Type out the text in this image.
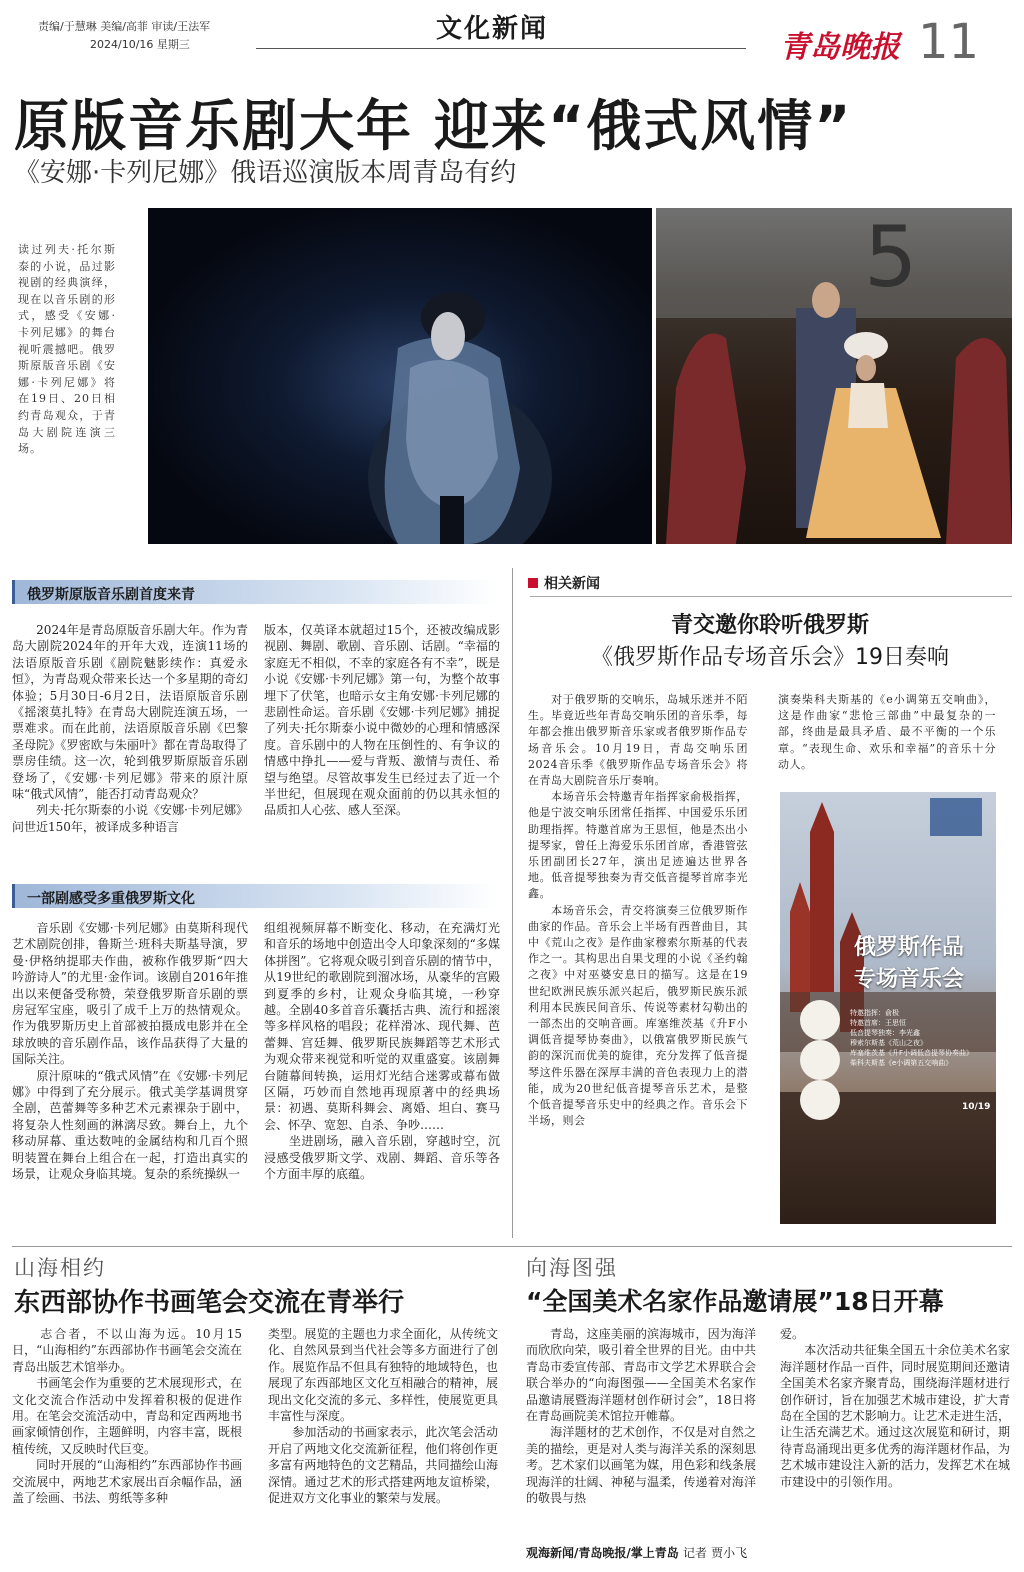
责编/于慧琳 美编/高菲 审读/王法军
2024/10/16 星期三
文化新闻
青岛晚报 11
原版音乐剧大年 迎来“俄式风情”
《安娜·卡列尼娜》俄语巡演版本周青岛有约
读过列夫·托尔斯泰的小说，品过影视剧的经典演绎，现在以音乐剧的形式，感受《安娜·卡列尼娜》的舞台视听震撼吧。俄罗斯原版音乐剧《安娜·卡列尼娜》将在19日、20日相约青岛观众，于青岛大剧院连演三场。
5
俄罗斯原版音乐剧首度来青
　　2024年是青岛原版音乐剧大年。作为青岛大剧院2024年的开年大戏，连演11场的法语原版音乐剧《剧院魅影续作：真爱永恒》，为青岛观众带来长达一个多星期的奇幻体验；5月30日-6月2日，法语原版音乐剧《摇滚莫扎特》在青岛大剧院连演五场，一票难求。而在此前，法语原版音乐剧《巴黎圣母院》《罗密欧与朱丽叶》都在青岛取得了票房佳绩。这一次，轮到俄罗斯原版音乐剧登场了，《安娜·卡列尼娜》带来的原汁原味“俄式风情”，能否打动青岛观众？
　　列夫·托尔斯泰的小说《安娜·卡列尼娜》问世近150年，被译成多种语言
版本，仅英译本就超过15个，还被改编成影视剧、舞剧、歌剧、音乐剧、话剧。“幸福的家庭无不相似，不幸的家庭各有不幸”，既是小说《安娜·卡列尼娜》第一句，为整个故事埋下了伏笔，也暗示女主角安娜·卡列尼娜的悲剧性命运。音乐剧《安娜·卡列尼娜》捕捉了列夫·托尔斯泰小说中微妙的心理和情感深度。音乐剧中的人物在压倒性的、有争议的情感中挣扎——爱与背叛、激情与责任、希望与绝望。尽管故事发生已经过去了近一个半世纪，但展现在观众面前的仍以其永恒的品质扣人心弦、感人至深。
一部剧感受多重俄罗斯文化
　　音乐剧《安娜·卡列尼娜》由莫斯科现代艺术剧院创排，鲁斯兰·班科夫斯基导演，罗曼·伊格纳提耶夫作曲，被称作俄罗斯“四大吟游诗人”的尤里·金作词。该剧自2016年推出以来便备受称赞，荣登俄罗斯音乐剧的票房冠军宝座，吸引了成千上万的热情观众。作为俄罗斯历史上首部被拍摄成电影并在全球放映的音乐剧作品，该作品获得了大量的国际关注。
　　原汁原味的“俄式风情”在《安娜·卡列尼娜》中得到了充分展示。俄式美学基调贯穿全剧，芭蕾舞等多种艺术元素裸杂于剧中，将复杂人性刻画的淋漓尽致。舞台上，九个移动屏幕、重达数吨的金属结构和几百个照明装置在舞台上组合在一起，打造出真实的场景，让观众身临其境。复杂的系统操纵一
组组视频屏幕不断变化、移动，在充满灯光和音乐的场地中创造出令人印象深刻的“多媒体拼图”。它将观众吸引到音乐剧的情节中，从19世纪的歌剧院到溜冰场，从豪华的宫殿到夏季的乡村，让观众身临其境，一秒穿越。全剧40多首音乐囊括古典、流行和摇滚等多样风格的唱段；花样滑冰、现代舞、芭蕾舞、宫廷舞、俄罗斯民族舞蹈等艺术形式为观众带来视觉和听觉的双重盛宴。该剧舞台随幕间转换，运用灯光结合迷雾或幕布做区隔，巧妙而自然地再现原著中的经典场景：初遇、莫斯科舞会、离婚、坦白、赛马会、怀孕、宽恕、自杀、争吵……
　　坐进剧场，融入音乐剧，穿越时空，沉浸感受俄罗斯文学、戏剧、舞蹈、音乐等各个方面丰厚的底蕴。
相关新闻
青交邀你聆听俄罗斯
《俄罗斯作品专场音乐会》19日奏响
　　对于俄罗斯的交响乐，岛城乐迷并不陌生。毕竟近些年青岛交响乐团的音乐季，每年都会推出俄罗斯音乐家或者俄罗斯作品专场音乐会。10月19日，青岛交响乐团2024音乐季《俄罗斯作品专场音乐会》将在青岛大剧院音乐厅奏响。
　　本场音乐会特邀青年指挥家俞极指挥，他是宁波交响乐团常任指挥、中国爱乐乐团助理指挥。特邀首席为王思恒，他是杰出小提琴家，曾任上海爱乐乐团首席，香港管弦乐团副团长27年，演出足迹遍达世界各地。低音提琴独奏为青交低音提琴首席李光鑫。
　　本场音乐会，青交将演奏三位俄罗斯作曲家的作品。音乐会上半场有西普曲目，其中《荒山之夜》是作曲家穆索尔斯基的代表作之一。其构思出自果戈理的小说《圣约翰之夜》中对巫婆安息日的描写。这是在19世纪欧洲民族乐派兴起后，俄罗斯民族乐派利用本民族民间音乐、传说等素材勾勒出的一部杰出的交响音画。库塞维茨基《升F小调低音提琴协奏曲》，以俄富俄罗斯民族气韵的深沉而优美的旋律，充分发挥了低音提琴这件乐器在深厚丰满的音色表现力上的潜能，成为20世纪低音提琴音乐艺术，是整个低音提琴音乐史中的经典之作。音乐会下半场，则会
演奏柴科夫斯基的《e小调第五交响曲》，这是作曲家“悲怆三部曲”中最复杂的一部，终曲是最具矛盾、最不平衡的一个乐章。“表现生命、欢乐和幸福”的音乐十分动人。
俄罗斯作品
专场音乐会
特邀指挥：俞极
特邀首席：王思恒
低音提琴独奏：李光鑫
穆索尔斯基《荒山之夜》
库塞维茨基《升F小调低音提琴协奏曲》
柴科夫斯基《e小调第五交响曲》
10/19
山海相约
东西部协作书画笔会交流在青举行
　　志合者，不以山海为远。10月15日，“山海相约”东西部协作书画笔会交流在青岛出版艺术馆举办。
　　书画笔会作为重要的艺术展现形式，在文化交流合作活动中发挥着积极的促进作用。在笔会交流活动中，青岛和定西两地书画家倾情创作，主题鲜明，内容丰富，既根植传统，又反映时代巨变。
　　同时开展的“山海相约”东西部协作书画交流展中，两地艺术家展出百余幅作品，涵盖了绘画、书法、剪纸等多种
类型。展览的主题也力求全面化，从传统文化、自然风景到当代社会等多方面进行了创作。展览作品不但具有独特的地域特色，也展现了东西部地区文化互相融合的精神，展现出文化交流的多元、多样性，使展览更具丰富性与深度。
　　参加活动的书画家表示，此次笔会活动开启了两地文化交流新征程，他们将创作更多富有两地特色的文艺精品，共同描绘山海深情。通过艺术的形式搭建两地友谊桥梁，促进双方文化事业的繁荣与发展。
向海图强
“全国美术名家作品邀请展”18日开幕
　　青岛，这座美丽的滨海城市，因为海洋而欣欣向荣，吸引着全世界的目光。由中共青岛市委宣传部、青岛市文学艺术界联合会联合举办的“向海图强——全国美术名家作品邀请展暨海洋题材创作研讨会”，18日将在青岛画院美术馆拉开帷幕。
　　海洋题材的艺术创作，不仅是对自然之美的描绘，更是对人类与海洋关系的深刻思考。艺术家们以画笔为媒，用色彩和线条展现海洋的壮阔、神秘与温柔，传递着对海洋的敬畏与热
爱。
　　本次活动共征集全国五十余位美术名家海洋题材作品一百件，同时展览期间还邀请全国美术名家齐聚青岛，围绕海洋题材进行创作研讨，旨在加强艺术城市建设，扩大青岛在全国的艺术影响力。让艺术走进生活，让生活充满艺术。通过这次展览和研讨，期待青岛涌现出更多优秀的海洋题材作品，为艺术城市建设注入新的活力，发挥艺术在城市建设中的引领作用。
观海新闻/青岛晚报/掌上青岛 记者 贾小飞
